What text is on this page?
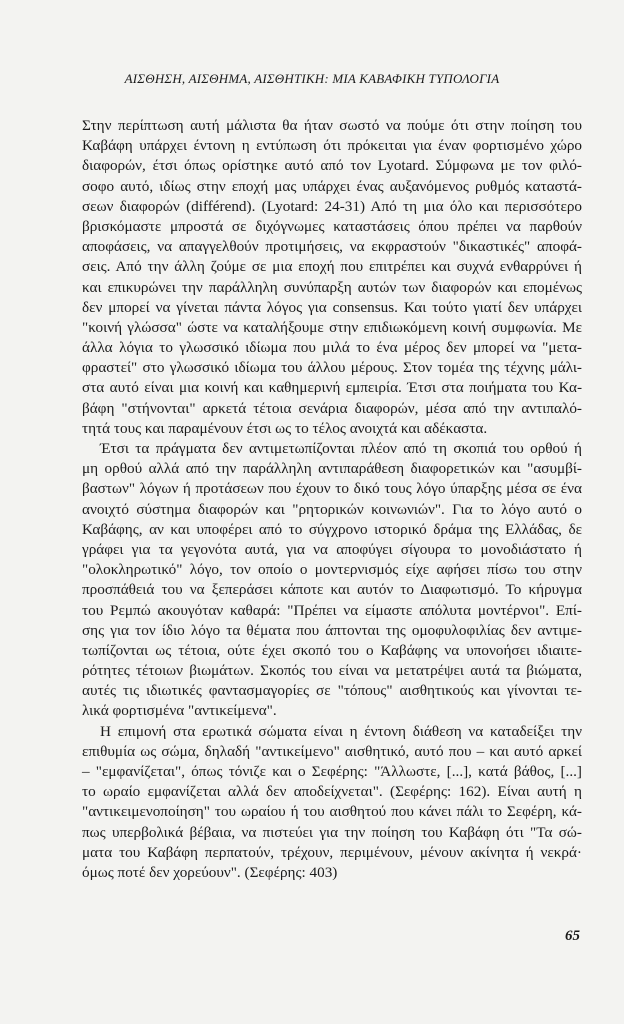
ΑΙΣΘΗΣΗ, ΑΙΣΘΗΜΑ, ΑΙΣΘΗΤΙΚΗ: ΜΙΑ ΚΑΒΑΦΙΚΗ ΤΥΠΟΛΟΓΙΑ
Στην περίπτωση αυτή μάλιστα θα ήταν σωστό να πούμε ότι στην ποίηση του
Καβάφη υπάρχει έντονη η εντύπωση ότι πρόκειται για έναν φορτισμένο χώρο
διαφορών, έτσι όπως ορίστηκε αυτό από τον Lyotard. Σύμφωνα με τον φιλό-
σοφο αυτό, ιδίως στην εποχή μας υπάρχει ένας αυξανόμενος ρυθμός καταστά-
σεων διαφορών (différend). (Lyotard: 24-31) Από τη μια όλο και περισσότερο
βρισκόμαστε μπροστά σε διχόγνωμες καταστάσεις όπου πρέπει να παρθούν
αποφάσεις, να απαγγελθούν προτιμήσεις, να εκφραστούν "δικαστικές" αποφά-
σεις. Από την άλλη ζούμε σε μια εποχή που επιτρέπει και συχνά ενθαρρύνει ή
και επικυρώνει την παράλληλη συνύπαρξη αυτών των διαφορών και επομένως
δεν μπορεί να γίνεται πάντα λόγος για consensus. Και τούτο γιατί δεν υπάρχει
"κοινή γλώσσα" ώστε να καταλήξουμε στην επιδιωκόμενη κοινή συμφωνία. Με
άλλα λόγια το γλωσσικό ιδίωμα που μιλά το ένα μέρος δεν μπορεί να "μετα-
φραστεί" στο γλωσσικό ιδίωμα του άλλου μέρους. Στον τομέα της τέχνης μάλι-
στα αυτό είναι μια κοινή και καθημερινή εμπειρία. Έτσι στα ποιήματα του Κα-
βάφη "στήνονται" αρκετά τέτοια σενάρια διαφορών, μέσα από την αντιπαλό-
τητά τους και παραμένουν έτσι ως το τέλος ανοιχτά και αδέκαστα.
Έτσι τα πράγματα δεν αντιμετωπίζονται πλέον από τη σκοπιά του ορθού ή
μη ορθού αλλά από την παράλληλη αντιπαράθεση διαφορετικών και "ασυμβί-
βαστων" λόγων ή προτάσεων που έχουν το δικό τους λόγο ύπαρξης μέσα σε ένα
ανοιχτό σύστημα διαφορών και "ρητορικών κοινωνιών". Για το λόγο αυτό ο
Καβάφης, αν και υποφέρει από το σύγχρονο ιστορικό δράμα της Ελλάδας, δε
γράφει για τα γεγονότα αυτά, για να αποφύγει σίγουρα το μονοδιάστατο ή
"ολοκληρωτικό" λόγο, τον οποίο ο μοντερνισμός είχε αφήσει πίσω του στην
προσπάθειά του να ξεπεράσει κάποτε και αυτόν το Διαφωτισμό. Το κήρυγμα
του Ρεμπώ ακουγόταν καθαρά: "Πρέπει να είμαστε απόλυτα μοντέρνοι". Επί-
σης για τον ίδιο λόγο τα θέματα που άπτονται της ομοφυλοφιλίας δεν αντιμε-
τωπίζονται ως τέτοια, ούτε έχει σκοπό του ο Καβάφης να υπονοήσει ιδιαιτε-
ρότητες τέτοιων βιωμάτων. Σκοπός του είναι να μετατρέψει αυτά τα βιώματα,
αυτές τις ιδιωτικές φαντασμαγορίες σε "τόπους" αισθητικούς και γίνονται τε-
λικά φορτισμένα "αντικείμενα".
Η επιμονή στα ερωτικά σώματα είναι η έντονη διάθεση να καταδείξει την
επιθυμία ως σώμα, δηλαδή "αντικείμενο" αισθητικό, αυτό που – και αυτό αρκεί
– "εμφανίζεται", όπως τόνιζε και ο Σεφέρης: "Άλλωστε, [...], κατά βάθος, [...]
το ωραίο εμφανίζεται αλλά δεν αποδείχνεται". (Σεφέρης: 162). Είναι αυτή η
"αντικειμενοποίηση" του ωραίου ή του αισθητού που κάνει πάλι το Σεφέρη, κά-
πως υπερβολικά βέβαια, να πιστεύει για την ποίηση του Καβάφη ότι "Τα σώ-
ματα του Καβάφη περπατούν, τρέχουν, περιμένουν, μένουν ακίνητα ή νεκρά·
όμως ποτέ δεν χορεύουν". (Σεφέρης: 403)
65
